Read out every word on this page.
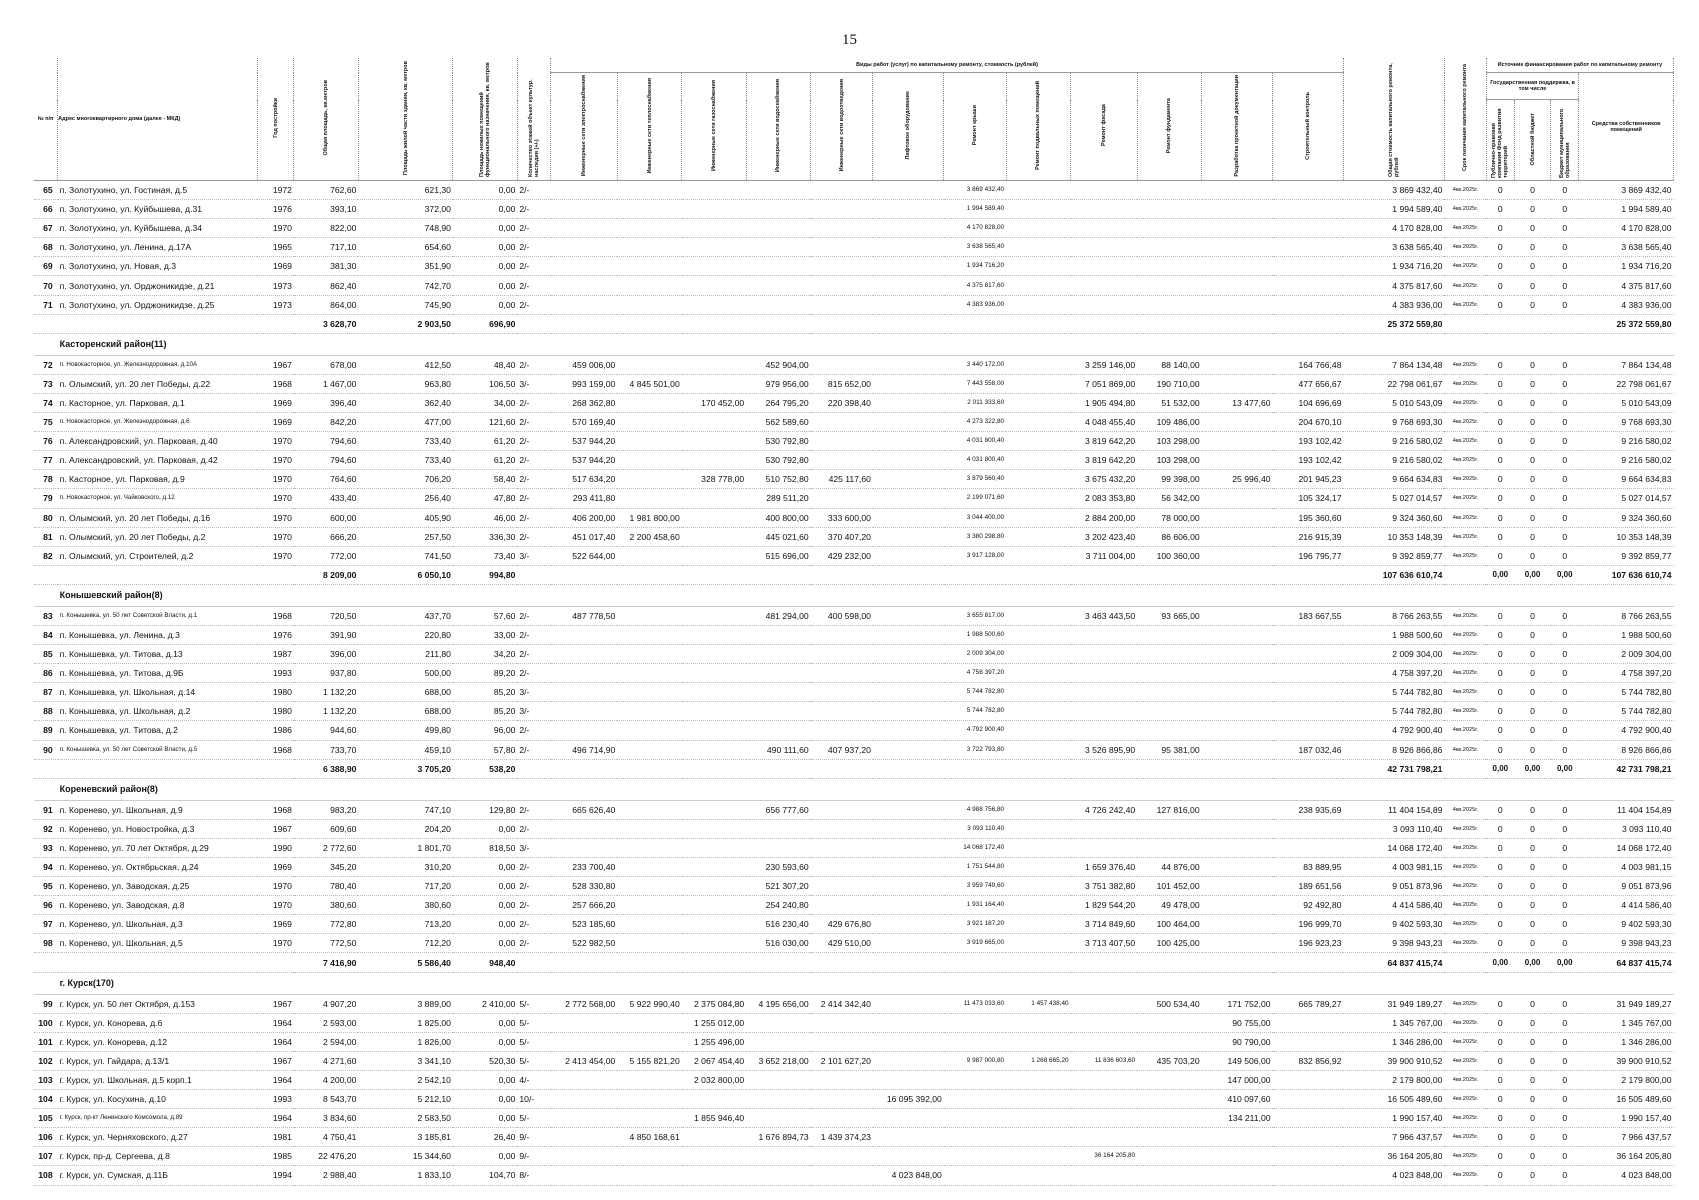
15
№ п/п	Адрес многоквартирного дома (далее - МКД)	Год постройки	Общая площадь, кв.метров	Площадь жилой части здания, кв. метров	Площадь нежилых помещений функционального назначения, кв. метров	Количество этажей объект культур. наследия (+/-)	Виды работ (услуг) по капитальному ремонту, стоимость (рублей)												Общая стоимость капитального ремонта, рублей	Срок окончания капитального ремонта	Источник финансирования работ по капитальному ремонту			
							Инженерные сети электроснабжения	Инженерные сети теплоснабжения	Инженерные сети газоснабжения	Инженерные сети водоснабжения	Инженерные сети водоотведения	Лифтовое оборудование	Ремонт крыши	Ремонт подвальных помещений	Ремонт фасада	Ремонт фундамента	Разработка проектной документации	Строительный контроль			Государственная поддержка, в том числе			Средства собственников помещений
																					Публично-правовая компания Фонд развития территорий	Областной бюджет	Бюджет муниципального образования	
65	п. Золотухино, ул. Гостиная, д.5	1972	762,60	621,30	0,00	2/-							3 869 432,40						3 869 432,40	4кв.2025г.	0	0	0	3 869 432,40
66	п. Золотухино, ул. Куйбышева, д.31	1976	393,10	372,00	0,00	2/-							1 994 589,40						1 994 589,40	4кв.2025г.	0	0	0	1 994 589,40
67	п. Золотухино, ул. Куйбышева, д.34	1970	822,00	748,90	0,00	2/-							4 170 828,00						4 170 828,00	4кв.2025г.	0	0	0	4 170 828,00
68	п. Золотухино, ул. Ленина, д.17А	1965	717,10	654,60	0,00	2/-							3 638 565,40						3 638 565,40	4кв.2025г.	0	0	0	3 638 565,40
69	п. Золотухино, ул. Новая, д.3	1969	381,30	351,90	0,00	2/-							1 934 716,20						1 934 716,20	4кв.2025г.	0	0	0	1 934 716,20
70	п. Золотухино, ул. Орджоникидзе, д.21	1973	862,40	742,70	0,00	2/-							4 375 817,60						4 375 817,60	4кв.2025г.	0	0	0	4 375 817,60
71	п. Золотухино, ул. Орджоникидзе, д.25	1973	864,00	745,90	0,00	2/-							4 383 936,00						4 383 936,00	4кв.2025г.	0	0	0	4 383 936,00
			3 628,70	2 903,50	696,90														25 372 559,80					25 372 559,80
	Касторенский район(11)																							
72	п. Новокасторное, ул. Железнодорожная, д.10А	1967	678,00	412,50	48,40	2/-	459 006,00			452 904,00			3 440 172,00		3 259 146,00	88 140,00		164 766,48	7 864 134,48	4кв.2025г.	0	0	0	7 864 134,48
73	п. Олымский, ул. 20 лет Победы, д.22	1968	1 467,00	963,80	106,50	3/-	993 159,00	4 845 501,00		979 956,00	815 652,00		7 443 558,00		7 051 869,00	190 710,00		477 656,67	22 798 061,67	4кв.2025г.	0	0	0	22 798 061,67
74	п. Касторное, ул. Парковая, д.1	1969	396,40	362,40	34,00	2/-	268 362,80		170 452,00	264 795,20	220 398,40		2 011 333,60		1 905 494,80	51 532,00	13 477,60	104 696,69	5 010 543,09	4кв.2025г.	0	0	0	5 010 543,09
75	п. Новокасторное, ул. Железнодорожная, д.6	1969	842,20	477,00	121,60	2/-	570 169,40			562 589,60			4 273 322,80		4 048 455,40	109 486,00		204 670,10	9 768 693,30	4кв.2025г.	0	0	0	9 768 693,30
76	п. Александровский, ул. Парковая, д.40	1970	794,60	733,40	61,20	2/-	537 944,20			530 792,80			4 031 800,40		3 819 642,20	103 298,00		193 102,42	9 216 580,02	4кв.2025г.	0	0	0	9 216 580,02
77	п. Александровский, ул. Парковая, д.42	1970	794,60	733,40	61,20	2/-	537 944,20			530 792,80			4 031 800,40		3 819 642,20	103 298,00		193 102,42	9 216 580,02	4кв.2025г.	0	0	0	9 216 580,02
78	п. Касторное, ул. Парковая, д.9	1970	764,60	706,20	58,40	2/-	517 634,20		328 778,00	510 752,80	425 117,60		3 879 560,40		3 675 432,20	99 398,00	25 996,40	201 945,23	9 664 634,83	4кв.2025г.	0	0	0	9 664 634,83
79	п. Новокасторное, ул. Чайковского, д.12	1970	433,40	256,40	47,80	2/-	293 411,80			289 511,20			2 199 071,60		2 083 353,80	56 342,00		105 324,17	5 027 014,57	4кв.2025г.	0	0	0	5 027 014,57
80	п. Олымский, ул. 20 лет Победы, д.16	1970	600,00	405,90	46,00	2/-	406 200,00	1 981 800,00		400 800,00	333 600,00		3 044 400,00		2 884 200,00	78 000,00		195 360,60	9 324 360,60	4кв.2025г.	0	0	0	9 324 360,60
81	п. Олымский, ул. 20 лет Победы, д.2	1970	666,20	257,50	336,30	2/-	451 017,40	2 200 458,60		445 021,60	370 407,20		3 380 298,80		3 202 423,40	86 606,00		216 915,39	10 353 148,39	4кв.2025г.	0	0	0	10 353 148,39
82	п. Олымский, ул. Строителей, д.2	1970	772,00	741,50	73,40	3/-	522 644,00			515 696,00	429 232,00		3 917 128,00		3 711 004,00	100 360,00		196 795,77	9 392 859,77	4кв.2025г.	0	0	0	9 392 859,77
			8 209,00	6 050,10	994,80														107 636 610,74		0,00	0,00	0,00	107 636 610,74
	Конышевский район(8)																							
83	п. Конышевка, ул. 50 лет Советской Власти, д.1	1968	720,50	437,70	57,60	2/-	487 778,50			481 294,00	400 598,00		3 655 817,00		3 463 443,50	93 665,00		183 667,55	8 766 263,55	4кв.2025г.	0	0	0	8 766 263,55
84	п. Конышевка, ул. Ленина, д.3	1976	391,90	220,80	33,00	2/-							1 988 500,60						1 988 500,60	4кв.2025г.	0	0	0	1 988 500,60
85	п. Конышевка, ул. Титова, д.13	1987	396,00	211,80	34,20	2/-							2 009 304,00						2 009 304,00	4кв.2025г.	0	0	0	2 009 304,00
86	п. Конышевка, ул. Титова, д.9Б	1993	937,80	500,00	89,20	2/-							4 758 397,20						4 758 397,20	4кв.2025г.	0	0	0	4 758 397,20
87	п. Конышевка, ул. Школьная, д.14	1980	1 132,20	688,00	85,20	3/-							5 744 782,80						5 744 782,80	4кв.2025г.	0	0	0	5 744 782,80
88	п. Конышевка, ул. Школьная, д.2	1980	1 132,20	688,00	85,20	3/-							5 744 782,80						5 744 782,80	4кв.2025г.	0	0	0	5 744 782,80
89	п. Конышевка, ул. Титова, д.2	1986	944,60	499,80	96,00	2/-							4 792 900,40						4 792 900,40	4кв.2025г.	0	0	0	4 792 900,40
90	п. Конышевка, ул. 50 лет Советской Власти, д.5	1968	733,70	459,10	57,80	2/-	496 714,90			490 111,60	407 937,20		3 722 793,80		3 526 895,90	95 381,00		187 032,46	8 926 866,86	4кв.2025г.	0	0	0	8 926 866,86
			6 388,90	3 705,20	538,20														42 731 798,21		0,00	0,00	0,00	42 731 798,21
	Кореневский район(8)																							
91	п. Коренево, ул. Школьная, д.9	1968	983,20	747,10	129,80	2/-	665 626,40			656 777,60			4 988 756,80		4 726 242,40	127 816,00		238 935,69	11 404 154,89	4кв.2025г.	0	0	0	11 404 154,89
92	п. Коренево, ул. Новостройка, д.3	1967	609,60	204,20	0,00	2/-							3 093 110,40						3 093 110,40	4кв.2025г.	0	0	0	3 093 110,40
93	п. Коренево, ул. 70 лет Октября, д.29	1990	2 772,60	1 801,70	818,50	3/-							14 068 172,40						14 068 172,40	4кв.2025г.	0	0	0	14 068 172,40
94	п. Коренево, ул. Октябрьская, д.24	1969	345,20	310,20	0,00	2/-	233 700,40			230 593,60			1 751 544,80		1 659 376,40	44 876,00		83 889,95	4 003 981,15	4кв.2025г.	0	0	0	4 003 981,15
95	п. Коренево, ул. Заводская, д.25	1970	780,40	717,20	0,00	2/-	528 330,80			521 307,20			3 959 749,60		3 751 382,80	101 452,00		189 651,56	9 051 873,96	4кв.2025г.	0	0	0	9 051 873,96
96	п. Коренево, ул. Заводская, д.8	1970	380,60	380,60	0,00	2/-	257 666,20			254 240,80			1 931 164,40		1 829 544,20	49 478,00		92 492,80	4 414 586,40	4кв.2025г.	0	0	0	4 414 586,40
97	п. Коренево, ул. Школьная, д.3	1969	772,80	713,20	0,00	2/-	523 185,60			516 230,40	429 676,80		3 921 187,20		3 714 849,60	100 464,00		196 999,70	9 402 593,30	4кв.2025г.	0	0	0	9 402 593,30
98	п. Коренево, ул. Школьная, д.5	1970	772,50	712,20	0,00	2/-	522 982,50			516 030,00	429 510,00		3 919 665,00		3 713 407,50	100 425,00		196 923,23	9 398 943,23	4кв.2025г.	0	0	0	9 398 943,23
			7 416,90	5 586,40	948,40														64 837 415,74		0,00	0,00	0,00	64 837 415,74
	г. Курск(170)																							
99	г. Курск, ул. 50 лет Октября, д.153	1967	4 907,20	3 889,00	2 410,00	5/-	2 772 568,00	5 922 990,40	2 375 084,80	4 195 656,00	2 414 342,40		11 473 033,60	1 457 438,40		500 534,40	171 752,00	665 789,27	31 949 189,27	4кв.2025г.	0	0	0	31 949 189,27
100	г. Курск, ул. Конорева, д.6	1964	2 593,00	1 825,00	0,00	5/-			1 255 012,00								90 755,00		1 345 767,00	4кв.2025г.	0	0	0	1 345 767,00
101	г. Курск, ул. Конорева, д.12	1964	2 594,00	1 826,00	0,00	5/-			1 255 496,00								90 790,00		1 346 286,00	4кв.2025г.	0	0	0	1 346 286,00
102	г. Курск, ул. Гайдара, д.13/1	1967	4 271,60	3 341,10	520,30	5/-	2 413 454,00	5 155 821,20	2 067 454,40	3 652 218,00	2 101 627,20		9 987 000,80	1 268 665,20	11 836 603,60	435 703,20	149 506,00	832 856,92	39 900 910,52	4кв.2025г.	0	0	0	39 900 910,52
103	г. Курск, ул. Школьная, д.5 корп.1	1964	4 200,00	2 542,10	0,00	4/-			2 032 800,00								147 000,00		2 179 800,00	4кв.2025г.	0	0	0	2 179 800,00
104	г. Курск, ул. Косухина, д.10	1993	8 543,70	5 212,10	0,00	10/-						16 095 392,00					410 097,60		16 505 489,60	4кв.2025г.	0	0	0	16 505 489,60
105	г. Курск, пр-кт Ленинского Комсомола, д.89	1964	3 834,60	2 583,50	0,00	5/-			1 855 946,40								134 211,00		1 990 157,40	4кв.2025г.	0	0	0	1 990 157,40
106	г. Курск, ул. Черняховского, д.27	1981	4 750,41	3 185,81	26,40	9/-		4 850 168,61		1 676 894,73	1 439 374,23								7 966 437,57	4кв.2025г.	0	0	0	7 966 437,57
107	г. Курск, пр-д. Сергеева, д.8	1985	22 476,20	15 344,60	0,00	9/-									36 164 205,80				36 164 205,80	4кв.2025г.	0	0	0	36 164 205,80
108	г. Курск, ул. Сумская, д.11Б	1994	2 988,40	1 833,10	104,70	8/-						4 023 848,00							4 023 848,00	4кв.2025г.	0	0	0	4 023 848,00
